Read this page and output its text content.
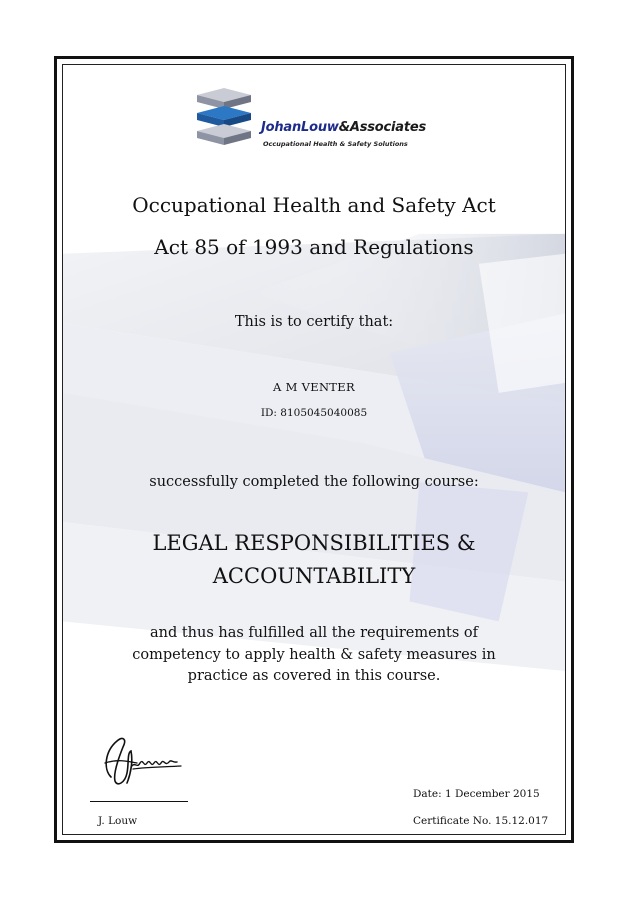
JohanLouw&Associates
Occupational Health & Safety Solutions
Occupational Health and Safety Act
Act 85 of 1993 and Regulations
This is to certify that:
A M VENTER
ID: 8105045040085
successfully completed the following course:
LEGAL RESPONSIBILITIES &
ACCOUNTABILITY
and thus has fulfilled all the requirements of
competency to apply health & safety measures in
practice as covered in this course.
J. Louw
Date: 1 December 2015
Certificate No. 15.12.017
